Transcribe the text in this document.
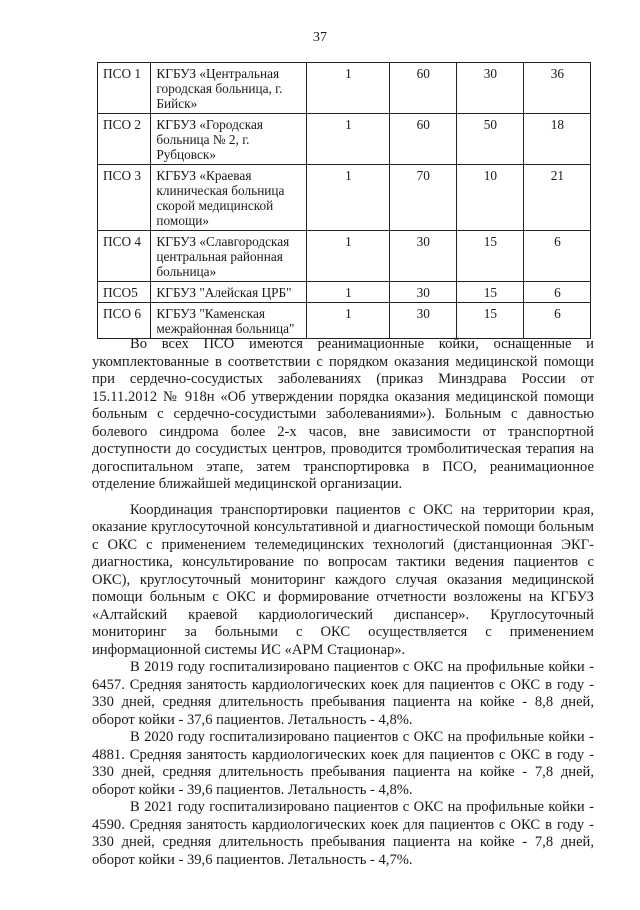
37
ПСО 1	КГБУЗ «Центральная городская больница, г. Бийск»	1	60	30	36
ПСО 2	КГБУЗ «Городская больница № 2, г. Рубцовск»	1	60	50	18
ПСО 3	КГБУЗ «Краевая клиническая больница скорой медицинской помощи»	1	70	10	21
ПСО 4	КГБУЗ «Славгородская центральная районная больница»	1	30	15	6
ПСО5	КГБУЗ "Алейская ЦРБ"	1	30	15	6
ПСО 6	КГБУЗ "Каменская межрайонная больница"	1	30	15	6

Во всех ПСО имеются реанимационные койки, оснащенные и укомплектованные в соответствии с порядком оказания медицинской помощи при сердечно-сосудистых заболеваниях (приказ Минздрава России от 15.11.2012 № 918н «Об утверждении порядка оказания медицинской помощи больным с сердечно-сосудистыми заболеваниями»). Больным с давностью болевого синдрома более 2-х часов, вне зависимости от транспортной доступности до сосудистых центров, проводится тромболитическая терапия на догоспитальном этапе, затем транспортировка в ПСО, реанимационное отделение ближайшей медицинской организации.

Координация транспортировки пациентов с ОКС на территории края, оказание круглосуточной консультативной и диагностической помощи больным с ОКС с применением телемедицинских технологий (дистанционная ЭКГ-диагностика, консультирование по вопросам тактики ведения пациентов с ОКС), круглосуточный мониторинг каждого случая оказания медицинской помощи больным с ОКС и формирование отчетности возложены на КГБУЗ «Алтайский краевой кардиологический диспансер». Круглосуточный мониторинг за больными с ОКС осуществляется с применением информационной системы ИС «АРМ Стационар».

В 2019 году госпитализировано пациентов с ОКС на профильные койки - 6457. Средняя занятость кардиологических коек для пациентов с ОКС в году - 330 дней, средняя длительность пребывания пациента на койке - 8,8 дней, оборот койки - 37,6 пациентов. Летальность - 4,8%.

В 2020 году госпитализировано пациентов с ОКС на профильные койки - 4881. Средняя занятость кардиологических коек для пациентов с ОКС в году - 330 дней, средняя длительность пребывания пациента на койке - 7,8 дней, оборот койки - 39,6 пациентов. Летальность - 4,8%.

В 2021 году госпитализировано пациентов с ОКС на профильные койки - 4590. Средняя занятость кардиологических коек для пациентов с ОКС в году - 330 дней, средняя длительность пребывания пациента на койке - 7,8 дней, оборот койки - 39,6 пациентов. Летальность - 4,7%.
